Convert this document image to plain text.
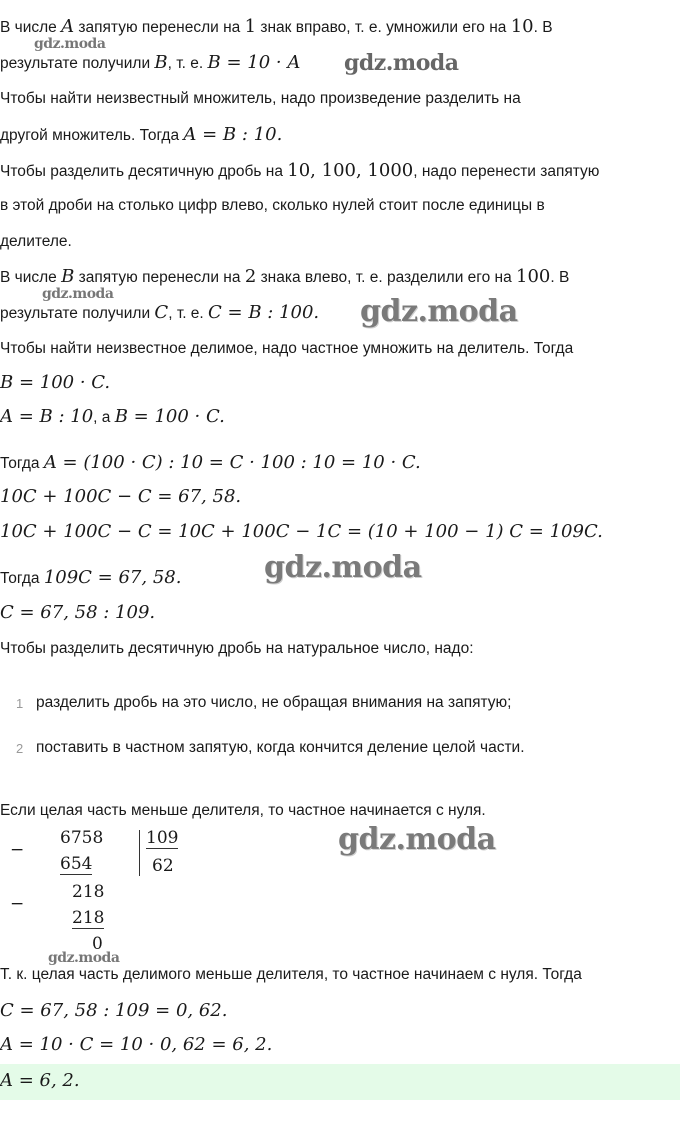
В числе A запятую перенесли на 1 знак вправо, т. е. умножили его на 10. В
gdz.moda
результате получили B, т. е. B = 10 · A gdz.moda
Чтобы найти неизвестный множитель, надо произведение разделить на
другой множитель. Тогда A = B : 10.
Чтобы разделить десятичную дробь на 10, 100, 1000, надо перенести запятую
в этой дроби на столько цифр влево, сколько нулей стоит после единицы в
делителе.
В числе B запятую перенесли на 2 знака влево, т. е. разделили его на 100. В
gdz.moda
результате получили C, т. е. C = B : 100. gdz.moda
Чтобы найти неизвестное делимое, надо частное умножить на делитель. Тогда
B = 100 · C.
A = B : 10, а B = 100 · C.
Тогда A = (100 · C) : 10 = C · 100 : 10 = 10 · C.
10C + 100C − C = 67, 58.
10C + 100C − C = 10C + 100C − 1C = (10 + 100 − 1) C = 109C.
Тогда 109C = 67, 58.	gdz.moda
C = 67, 58 : 109.
Чтобы разделить десятичную дробь на натуральное число, надо:
1 разделить дробь на это число, не обращая внимания на запятую;
2 поставить в частном запятую, когда кончится деление целой части.
Если целая часть меньше делителя, то частное начинается с нуля.
−
6758
654
109
62
218
−
218
0
gdz.moda
gdz.moda
Т. к. целая часть делимого меньше делителя, то частное начинаем с нуля. Тогда
C = 67, 58 : 109 = 0, 62.
A = 10 · C = 10 · 0, 62 = 6, 2.
A = 6, 2.
